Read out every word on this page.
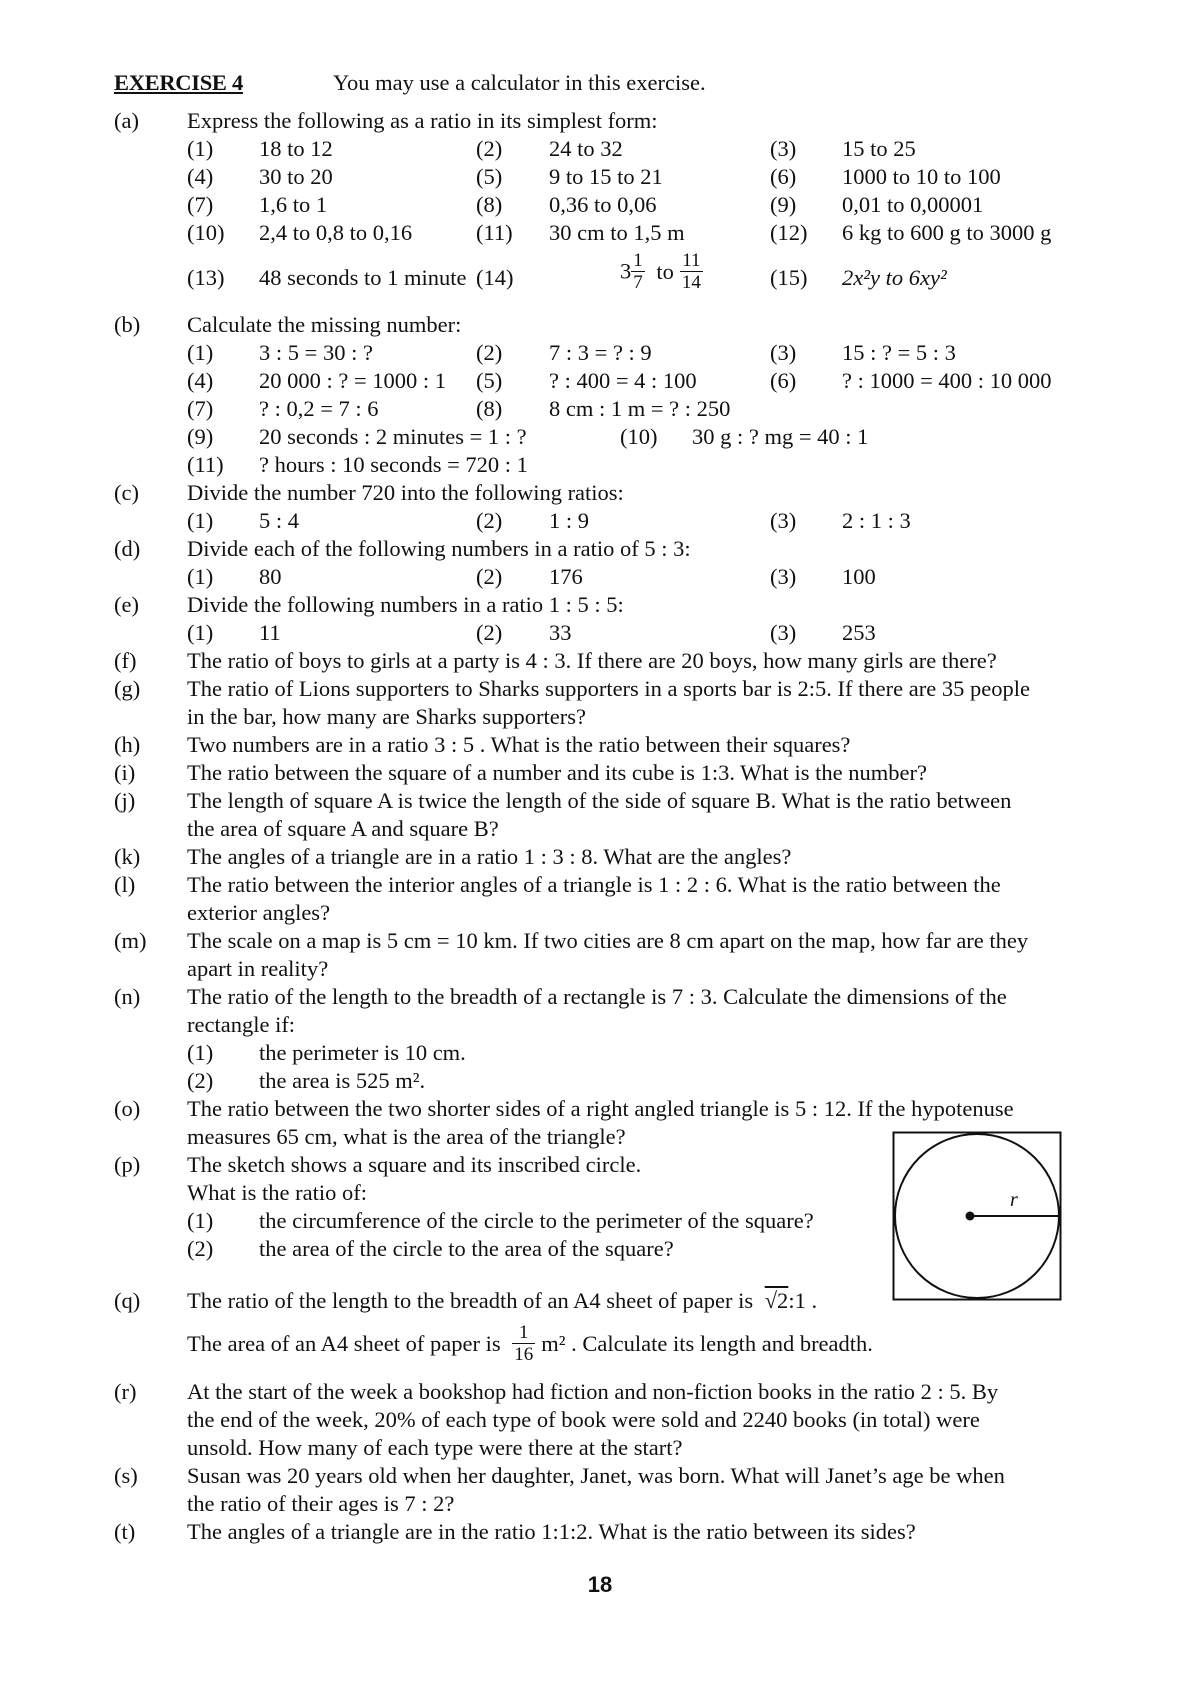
EXERCISE 4	You may use a calculator in this exercise.
(a) Express the following as a ratio in its simplest form:
(1) 18 to 12	(2) 24 to 32	(3) 15 to 25
(4) 30 to 20	(5) 9 to 15 to 21	(6) 1000 to 10 to 100
(7) 1,6 to 1	(8) 0,36 to 0,06	(9) 0,01 to 0,00001
(10) 2,4 to 0,8 to 0,16	(11) 30 cm to 1,5 m	(12) 6 kg to 600 g to 3000 g
(13) 48 seconds to 1 minute (14)	$3 \frac{1}{7}$ to $\frac{11}{14}$	(15) 2x²y to 6xy²
(b) Calculate the missing number:
(1) 3 : 5 = 30 : ?	(2) 7 : 3 = ? : 9	(3) 15 : ? = 5 : 3
(4) 20 000 : ? = 1000 : 1 (5) ? : 400 = 4 : 100	(6) ? : 1000 = 400 : 10 000
(7) ? : 0,2 = 7 : 6	(8) 8 cm : 1 m = ? : 250
(9) 20 seconds : 2 minutes = 1 : ?	(10) 30 g : ? mg = 40 : 1
(11) ? hours : 10 seconds = 720 : 1
(c) Divide the number 720 into the following ratios:
(1) 5 : 4	(2) 1 : 9	(3) 2 : 1 : 3
(d) Divide each of the following numbers in a ratio of 5 : 3:
(1) 80	(2) 176	(3) 100
(e) Divide the following numbers in a ratio 1 : 5 : 5:
(1) 11	(2) 33	(3) 253
(f) The ratio of boys to girls at a party is 4 : 3. If there are 20 boys, how many girls are there?
(g) The ratio of Lions supporters to Sharks supporters in a sports bar is 2:5. If there are 35 people
in the bar, how many are Sharks supporters?
(h) Two numbers are in a ratio 3 : 5 . What is the ratio between their squares?
(i) The ratio between the square of a number and its cube is 1:3. What is the number?
(j) The length of square A is twice the length of the side of square B. What is the ratio between
the area of square A and square B?
(k) The angles of a triangle are in a ratio 1 : 3 : 8. What are the angles?
(l) The ratio between the interior angles of a triangle is 1 : 2 : 6. What is the ratio between the
exterior angles?
(m) The scale on a map is 5 cm = 10 km. If two cities are 8 cm apart on the map, how far are they
apart in reality?
(n) The ratio of the length to the breadth of a rectangle is 7 : 3. Calculate the dimensions of the
rectangle if:
(1) the perimeter is 10 cm.
(2) the area is 525 m².
(o) The ratio between the two shorter sides of a right angled triangle is 5 : 12. If the hypotenuse
measures 65 cm, what is the area of the triangle?
(p) The sketch shows a square and its inscribed circle.
What is the ratio of:
(1) the circumference of the circle to the perimeter of the square?
(2) the area of the circle to the area of the square?
r
(q) The ratio of the length to the breadth of an A4 sheet of paper is √2:1 .
The area of an A4 sheet of paper is $\frac{1}{16} m^2$ . Calculate its length and breadth.
(r) At the start of the week a bookshop had fiction and non-fiction books in the ratio 2 : 5. By
the end of the week, 20% of each type of book were sold and 2240 books (in total) were
unsold. How many of each type were there at the start?
(s) Susan was 20 years old when her daughter, Janet, was born. What will Janet’s age be when
the ratio of their ages is 7 : 2?
(t) The angles of a triangle are in the ratio 1:1:2. What is the ratio between its sides?
18
